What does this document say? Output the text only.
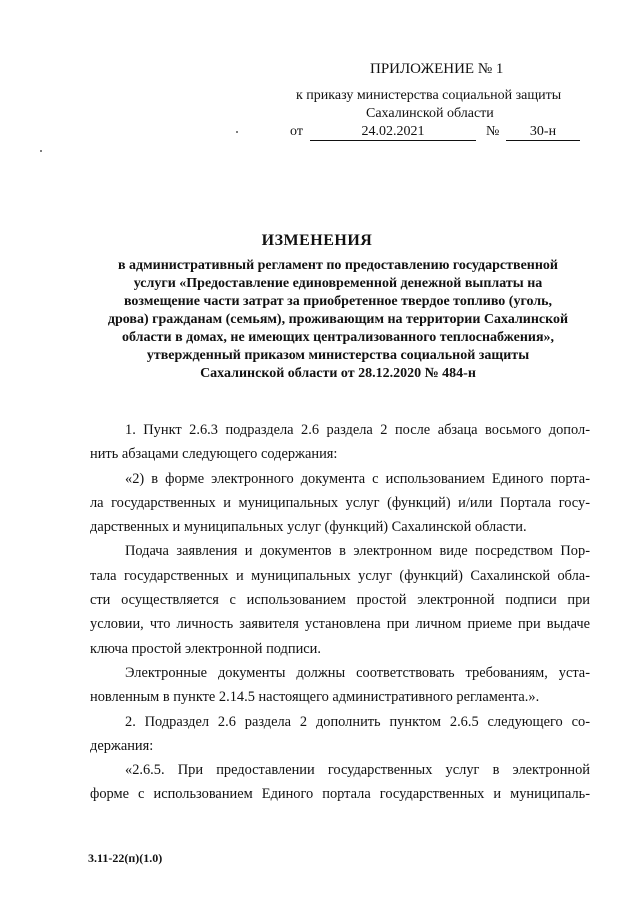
ПРИЛОЖЕНИЕ № 1
к приказу министерства социальной защиты
Сахалинской области
от	24.02.2021	№	30-н
ИЗМЕНЕНИЯ
в административный регламент по предоставлению государственной
услуги «Предоставление единовременной денежной выплаты на
возмещение части затрат за приобретенное твердое топливо (уголь,
дрова) гражданам (семьям), проживающим на территории Сахалинской
области в домах, не имеющих централизованного теплоснабжения»,
утвержденный приказом министерства социальной защиты
Сахалинской области от 28.12.2020 № 484-н

1. Пункт 2.6.3 подраздела 2.6 раздела 2 после абзаца восьмого допол-
нить абзацами следующего содержания:

«2) в форме электронного документа с использованием Единого порта-
ла государственных и муниципальных услуг (функций) и/или Портала госу-
дарственных и муниципальных услуг (функций) Сахалинской области.

Подача заявления и документов в электронном виде посредством Пор-
тала государственных и муниципальных услуг (функций) Сахалинской обла-
сти осуществляется с использованием простой электронной подписи при
условии, что личность заявителя установлена при личном приеме при выдаче
ключа простой электронной подписи.

Электронные документы должны соответствовать требованиям, уста-
новленным в пункте 2.14.5 настоящего административного регламента.».

2. Подраздел 2.6 раздела 2 дополнить пунктом 2.6.5 следующего со-
держания:

«2.6.5. При предоставлении государственных услуг в электронной
форме с использованием Единого портала государственных и муниципаль-

3.11-22(п)(1.0)
